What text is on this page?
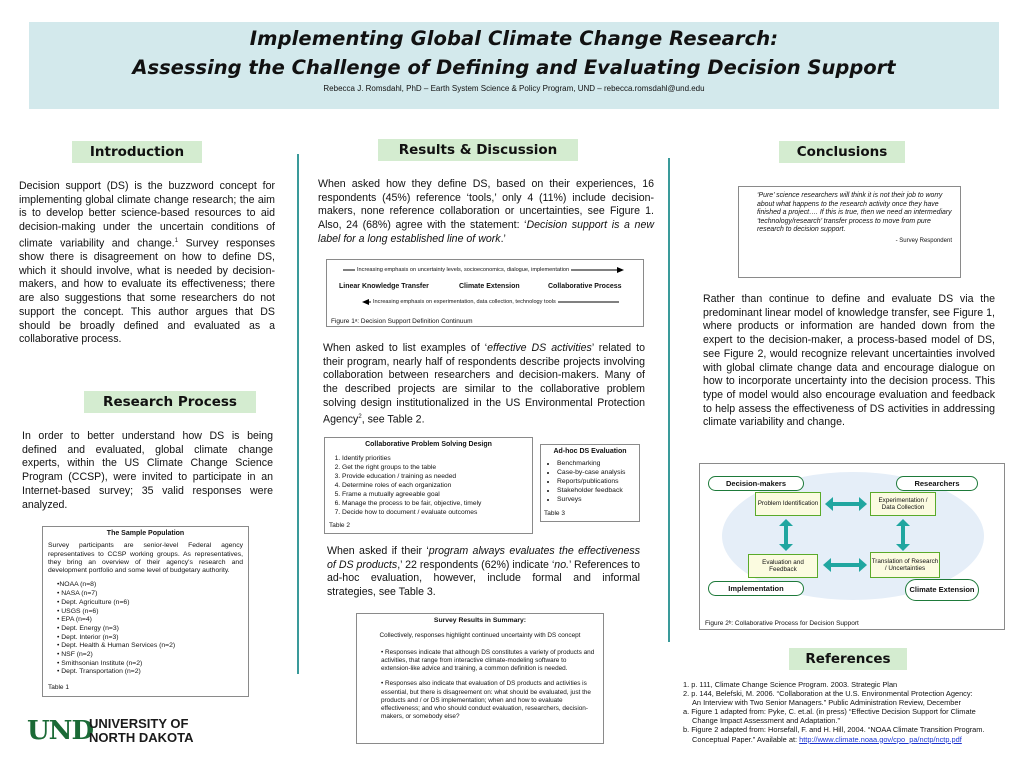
Implementing Global Climate Change Research:
Assessing the Challenge of Defining and Evaluating Decision Support
Rebecca J. Romsdahl, PhD – Earth System Science & Policy Program, UND – rebecca.romsdahl@und.edu
Introduction
Research Process
Results & Discussion	Conclusions
References
Decision support (DS) is the buzzword concept for implementing global climate change research; the aim is to develop better science-based resources to aid decision-making under the uncertain conditions of climate variability and change.$^1$ Survey responses show there is disagreement on how to define DS, which it should involve, what is needed by decision-makers, and how to evaluate its effectiveness; there are also suggestions that some researchers do not support the concept. This author argues that DS should be broadly defined and evaluated as a collaborative process.
In order to better understand how DS is being defined and evaluated, global climate change experts, within the US Climate Change Science Program (CCSP), were invited to participate in an Internet-based survey; 35 valid responses were analyzed.
The Sample Population
Survey participants are senior-level Federal agency representatives to CCSP working groups. As representatives, they bring an overview of their agency's research and development portfolio and some level of budgetary authority.
•NOAA (n=8)
• NASA (n=7)
• Dept. Agriculture (n=6)
• USGS (n=6)
• EPA (n=4)
• Dept. Energy (n=3)
• Dept. Interior (n=3)
• Dept. Health & Human Services (n=2)
• NSF (n=2)
• Smithsonian Institute (n=2)
• Dept. Transportation (n=2)
Table 1
When asked how they define DS, based on their experiences, 16 respondents (45%) reference ‘tools,’ only 4 (11%) include decision-makers, none reference collaboration or uncertainties, see Figure 1. Also, 24 (68%) agree with the statement: ‘Decision support is a new label for a long established line of work.’
Increasing emphasis on uncertainty levels, socioeconomics, dialogue, implementation
Linear Knowledge Transfer	Climate Extension	Collaborative Process
Increasing emphasis on experimentation, data collection, technology tools
Figure 1ᵃ: Decision Support Definition Continuum
When asked to list examples of ‘effective DS activities’ related to their program, nearly half of respondents describe projects involving collaboration between researchers and decision-makers. Many of the described projects are similar to the collaborative problem solving design institutionalized in the US Environmental Protection Agency$^2$, see Table 2.
Collaborative Problem Solving Design
1. Identify priorities
2. Get the right groups to the table
3. Provide education / training as needed
4. Determine roles of each organization
5. Frame a mutually agreeable goal
6. Manage the process to be fair, objective, timely
7. Decide how to document / evaluate outcomes
Table 2
Ad-hoc DS Evaluation
• Benchmarking
• Case-by-case analysis
• Reports/publications
• Stakeholder feedback
• Surveys
Table 3
When asked if their ‘program always evaluates the effectiveness of DS products,’ 22 respondents (62%) indicate ‘no.’ References to ad-hoc evaluation, however, include formal and informal strategies, see Table 3.
Survey Results in Summary:
Collectively, responses highlight continued uncertainty with DS concept
• Responses indicate that although DS constitutes a variety of products and activities, that range from interactive climate-modeling software to extension-like advice and training, a common definition is needed.
• Responses also indicate that evaluation of DS products and activities is essential, but there is disagreement on: what should be evaluated, just the products and / or DS implementation; when and how to evaluate effectiveness; and who should conduct evaluation, researchers, decision-makers, or somebody else?
‘Pure’ science researchers will think it is not their job to worry about what happens to the research activity once they have finished a project…. If this is true, then we need an intermediary ‘technology/research’ transfer process to move from pure research to decision support.
- Survey Respondent
Rather than continue to define and evaluate DS via the predominant linear model of knowledge transfer, see Figure 1, where products or information are handed down from the expert to the decision-maker, a process-based model of DS, see Figure 2, would recognize relevant uncertainties involved with global climate change data and encourage dialogue on how to incorporate uncertainty into the decision process. This type of model would also encourage evaluation and feedback to help assess the effectiveness of DS activities in addressing climate variability and change.
Decision-makers	Researchers
Problem Identification
Experimentation / Data Collection
Evaluation and Feedback
Translation of Research / Uncertainties
Implementation	Climate Extension
Figure 2ᵇ: Collaborative Process for Decision Support
1. p. 111, Climate Change Science Program. 2003. Strategic Plan
2. p. 144, Belefski, M. 2006. “Collaboration at the U.S. Environmental Protection Agency:
An Interview with Two Senior Managers.” Public Administration Review, December
a. Figure 1 adapted from: Pyke, C. et.al. (in press) “Effective Decision Support for Climate
Change Impact Assessment and Adaptation.”
b. Figure 2 adapted from: Horsefall, F. and H. Hill, 2004. “NOAA Climate Transition Program.
Conceptual Paper.” Available at: http://www.climate.noaa.gov/cpo_pa/nctp/nctp.pdf
UND
UNIVERSITY OF
NORTH DAKOTA
